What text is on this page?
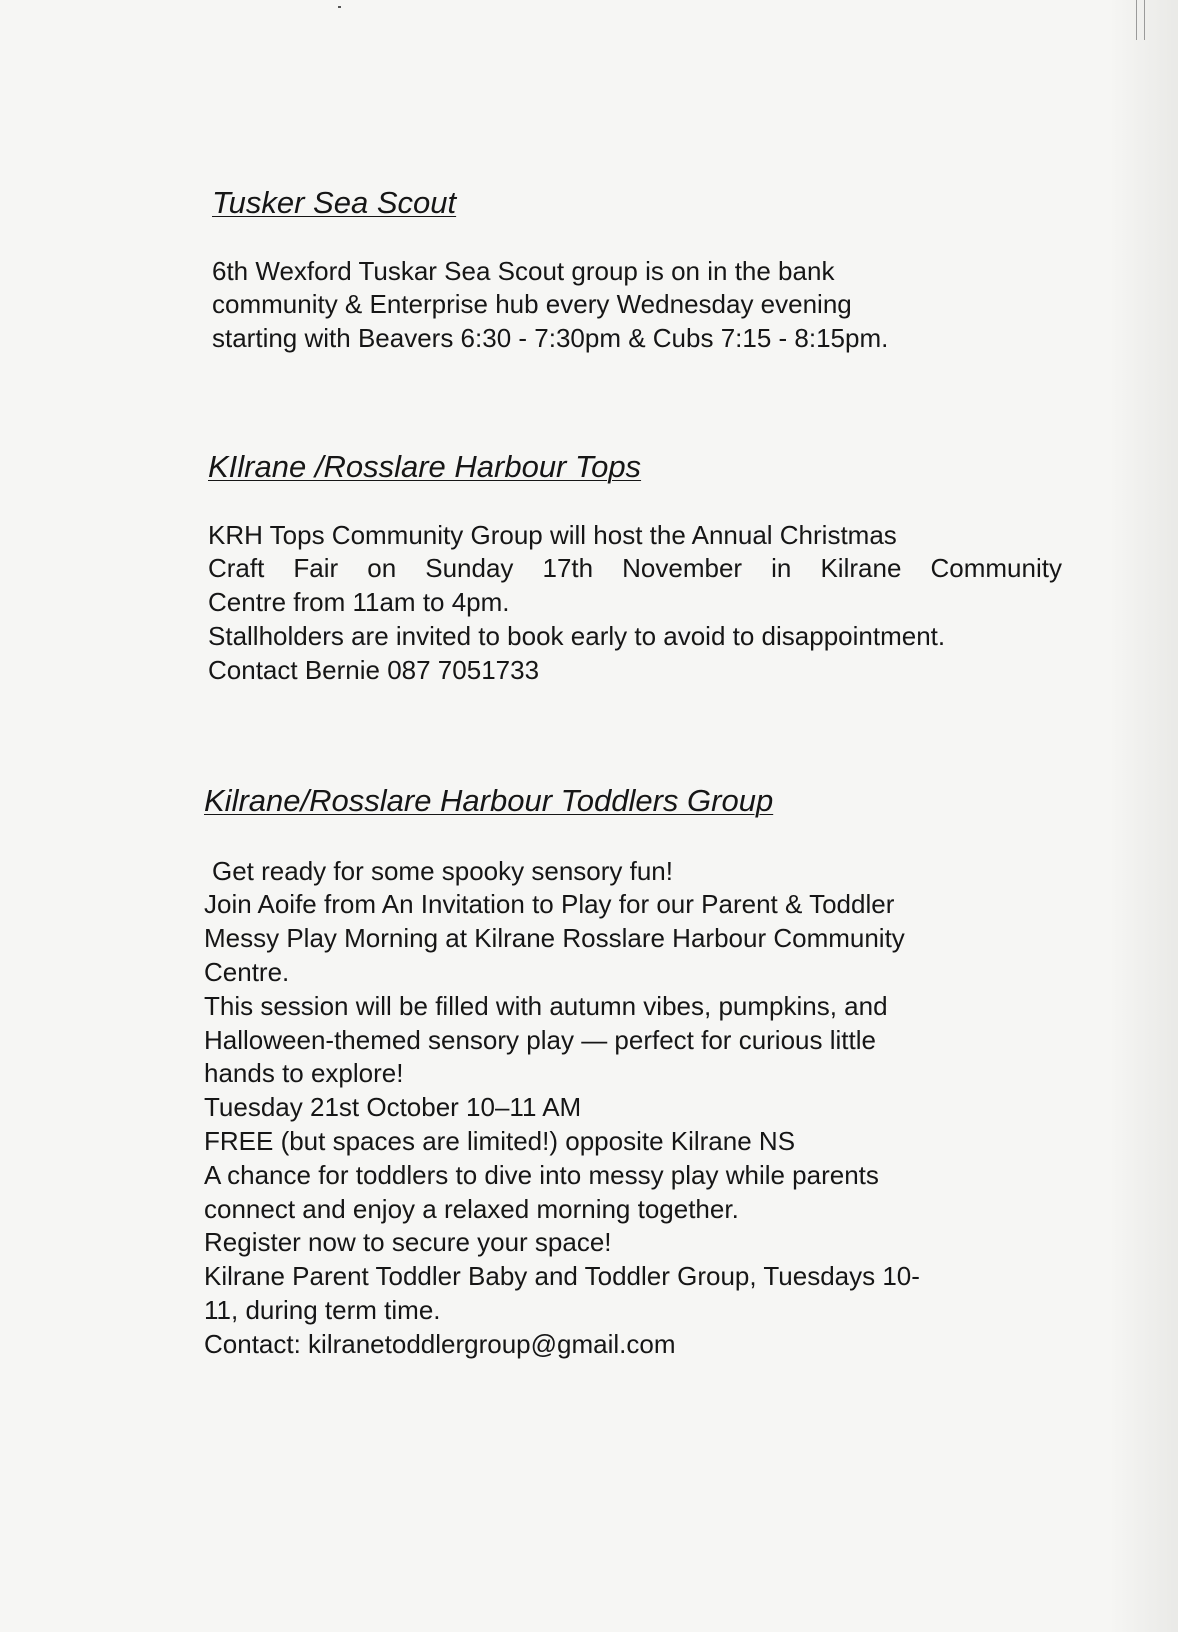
Tusker Sea Scout

6th Wexford Tuskar Sea Scout group is on in the bank

community & Enterprise hub every Wednesday evening

starting with Beavers 6:30 - 7:30pm & Cubs 7:15 - 8:15pm.

KIlrane /Rosslare Harbour Tops

KRH Tops Community Group will host the Annual Christmas

Craft Fair on Sunday 17th November in Kilrane Community

Centre from 11am to 4pm.

Stallholders are invited to book early to avoid to disappointment.

Contact Bernie 087 7051733

Kilrane/Rosslare Harbour Toddlers Group

Get ready for some spooky sensory fun!

Join Aoife from An Invitation to Play for our Parent & Toddler

Messy Play Morning at Kilrane Rosslare Harbour Community

Centre.

This session will be filled with autumn vibes, pumpkins, and

Halloween-themed sensory play — perfect for curious little

hands to explore!

Tuesday 21st October 10–11 AM

FREE (but spaces are limited!) opposite Kilrane NS

A chance for toddlers to dive into messy play while parents

connect and enjoy a relaxed morning together.

Register now to secure your space!

Kilrane Parent Toddler Baby and Toddler Group, Tuesdays 10-

11, during term time.

Contact: kilranetoddlergroup@gmail.com
